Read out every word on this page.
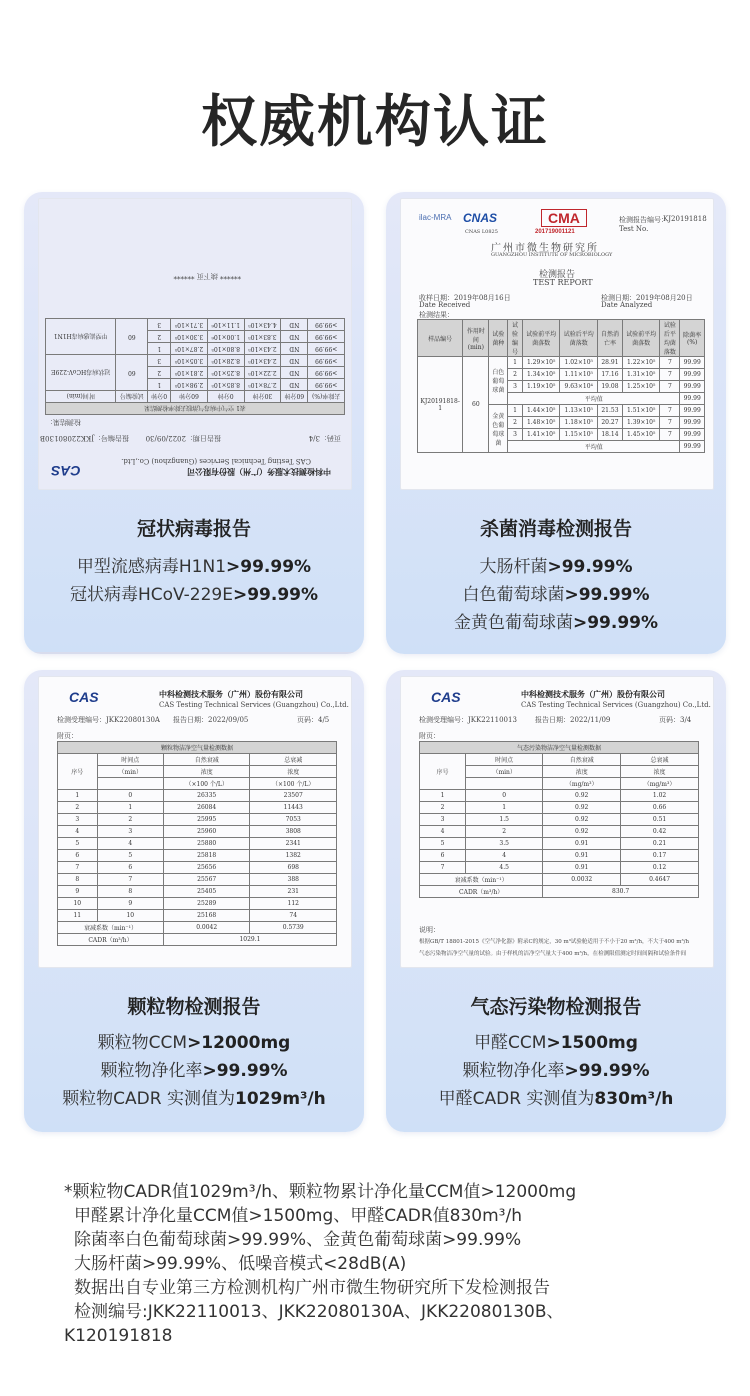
权威机构认证
CAS	中科检测技术服务（广州）股份有限公司
CAS Testing Technical Services (Guangzhou) Co.,Ltd.
页码：3/4
报告日期：2022/09/30
报告编号：JKK22080130B
检测结果：
表1 空气中病毒气溶胶去除率检测结果							
去除率(%)	60分钟	30分钟	0分钟	60分钟	0分钟	试验编号	时间(min)
>99.99	ND	2.78×10⁵	8.85×10⁵	2.98×10⁵	1	60	冠状病毒HCoV-229E
>99.99	ND	2.22×10⁵	8.25×10⁵	2.81×10⁵	2		
>99.99	ND	2.43×10⁵	8.28×10⁵	3.05×10⁵	3		
>99.99	ND	2.43×10⁵	8.80×10⁵	2.87×10⁵	1	60	甲型流感病毒H1N1
>99.99	ND	3.83×10⁵	1.00×10⁶	3.30×10⁵	2		
>99.99	ND	4.43×10⁵	1.11×10⁶	3.71×10⁵	3		
****** 续下页 ******
冠状病毒报告
甲型流感病毒H1N1>99.99%
冠状病毒HCoV-229E>99.99%
ilac-MRA CNAS
CNAS L0825
CMA
201719001121
检测报告编号：
KJ20191818
Test No.
广州市微生物研究所
GUANGZHOU INSTITUTE OF MICROBIOLOGY
检测报告
TEST REPORT
收样日期：2019年08月16日
Date Received
检测日期：2019年08月20日
Date Analyzed
检测结果：
样品编号	作用时间(min)	试验菌种	试验编号	试验前平均菌落数	试验后平均菌落数	自然消亡率	试验前平均菌落数	试验后平均菌落数	除菌率(%)
KJ20191818-1	60	白色葡萄球菌	1	1.29×10⁵	1.02×10⁵	28.91	1.22×10⁵	7	99.99
			2	1.34×10⁵	1.11×10⁵	17.16	1.31×10⁵	7	99.99
			3	1.19×10⁵	9.63×10⁴	19.08	1.25×10⁵	7	99.99
			平均值						99.99
		金黄色葡萄球菌	1	1.44×10⁵	1.13×10⁵	21.53	1.51×10⁵	7	99.99
			2	1.48×10⁵	1.18×10⁵	20.27	1.39×10⁵	7	99.99
			3	1.41×10⁵	1.15×10⁵	18.14	1.45×10⁵	7	99.99
			平均值						99.99
杀菌消毒检测报告
大肠杆菌>99.99%
白色葡萄球菌>99.99%
金黄色葡萄球菌>99.99%
CAS	中科检测技术服务（广州）股份有限公司
CAS Testing Technical Services (Guangzhou) Co.,Ltd.
检测受理编号：JKK22080130A 报告日期：2022/09/05	页码：4/5
附页：
颗粒物洁净空气量检测数据			
序号	时间点	自然衰减	总衰减
	（min）	浓度	浓度
		（×100 个/L）	（×100 个/L）
1	0	26335	23507
2	1	26084	11443
3	2	25995	7053
4	3	25960	3808
5	4	25880	2341
6	5	25818	1382
7	6	25656	698
8	7	25567	388
9	8	25405	231
10	9	25289	112
11	10	25168	74
衰减系数（min⁻¹）		0.0042	0.5739
CADR（m³/h）		1029.1	
颗粒物检测报告
颗粒物CCM>12000mg
颗粒物净化率>99.99%
颗粒物CADR 实测值为1029m³/h
CAS	中科检测技术服务（广州）股份有限公司
CAS Testing Technical Services (Guangzhou) Co.,Ltd.
检测受理编号：JKK22110013	报告日期：2022/11/09	页码：3/4
附页：
气态污染物洁净空气量检测数据			
序号	时间点	自然衰减	总衰减
	（min）	浓度	浓度
		（mg/m³）	（mg/m³）
1	0	0.92	1.02
2	1	0.92	0.66
3	1.5	0.92	0.51
4	2	0.92	0.42
5	3.5	0.91	0.21
6	4	0.91	0.17
7	4.5	0.91	0.12
衰减系数（min⁻¹）		0.0032	0.4647
CADR（m³/h）		830.7	
说明：
根据GB/T 18801-2015《空气净化器》附录C的规定，30 m³试验舱适用于不小于20 m³/h，不大于400 m³/h
气态污染物洁净空气量的试验。由于样机的洁净空气量大于400 m³/h，在检测限值测定时间间隔和试验条件间
气态污染物检测报告
甲醛CCM>1500mg
颗粒物净化率>99.99%
甲醛CADR 实测值为830m³/h
*颗粒物CADR值1029m³/h、颗粒物累计净化量CCM值>12000mg
甲醛累计净化量CCM值>1500mg、甲醛CADR值830m³/h
除菌率白色葡萄球菌>99.99%、金黄色葡萄球菌>99.99%
大肠杆菌>99.99%、低噪音模式<28dB(A)
数据出自专业第三方检测机构广州市微生物研究所下发检测报告
检测编号:JKK22110013、JKK22080130A、JKK22080130B、
K120191818
